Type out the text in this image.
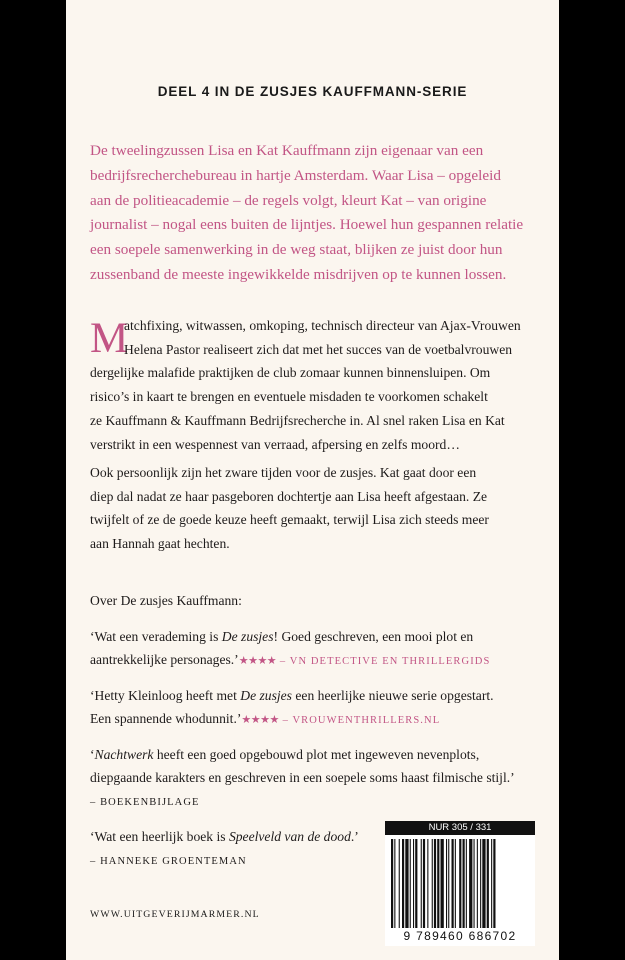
DEEL 4 IN DE ZUSJES KAUFFMANN-SERIE

De tweelingzussen Lisa en Kat Kauffmann zijn eigenaar van een
bedrijfsrecherchebureau in hartje Amsterdam. Waar Lisa – opgeleid
aan de politieacademie – de regels volgt, kleurt Kat – van origine
journalist – nogal eens buiten de lijntjes. Hoewel hun gespannen relatie
een soepele samenwerking in de weg staat, blijken ze juist door hun
zussenband de meeste ingewikkelde misdrijven op te kunnen lossen.

M

atchfixing, witwassen, omkoping, technisch directeur van Ajax-Vrouwen
Helena Pastor realiseert zich dat met het succes van de voetbalvrouwen
dergelijke malafide praktijken de club zomaar kunnen binnensluipen. Om
risico’s in kaart te brengen en eventuele misdaden te voorkomen schakelt
ze Kauffmann & Kauffmann Bedrijfsrecherche in. Al snel raken Lisa en Kat
verstrikt in een wespennest van verraad, afpersing en zelfs moord…

Ook persoonlijk zijn het zware tijden voor de zusjes. Kat gaat door een
diep dal nadat ze haar pasgeboren dochtertje aan Lisa heeft afgestaan. Ze
twijfelt of ze de goede keuze heeft gemaakt, terwijl Lisa zich steeds meer
aan Hannah gaat hechten.

Over De zusjes Kauffmann:

‘Wat een verademing is De zusjes! Goed geschreven, een mooi plot en
aantrekkelijke personages.’★★★★ – VN DETECTIVE EN THRILLERGIDS

‘Hetty Kleinloog heeft met De zusjes een heerlijke nieuwe serie opgestart.
Een spannende whodunnit.’★★★★ – VROUWENTHRILLERS.NL

‘Nachtwerk heeft een goed opgebouwd plot met ingeweven nevenplots,
diepgaande karakters en geschreven in een soepele soms haast filmische stijl.’
– BOEKENBIJLAGE

‘Wat een heerlijk boek is Speelveld van de dood.’
– HANNEKE GROENTEMAN

WWW.UITGEVERIJMARMER.NL
NUR 305 / 331
9 789460 686702
